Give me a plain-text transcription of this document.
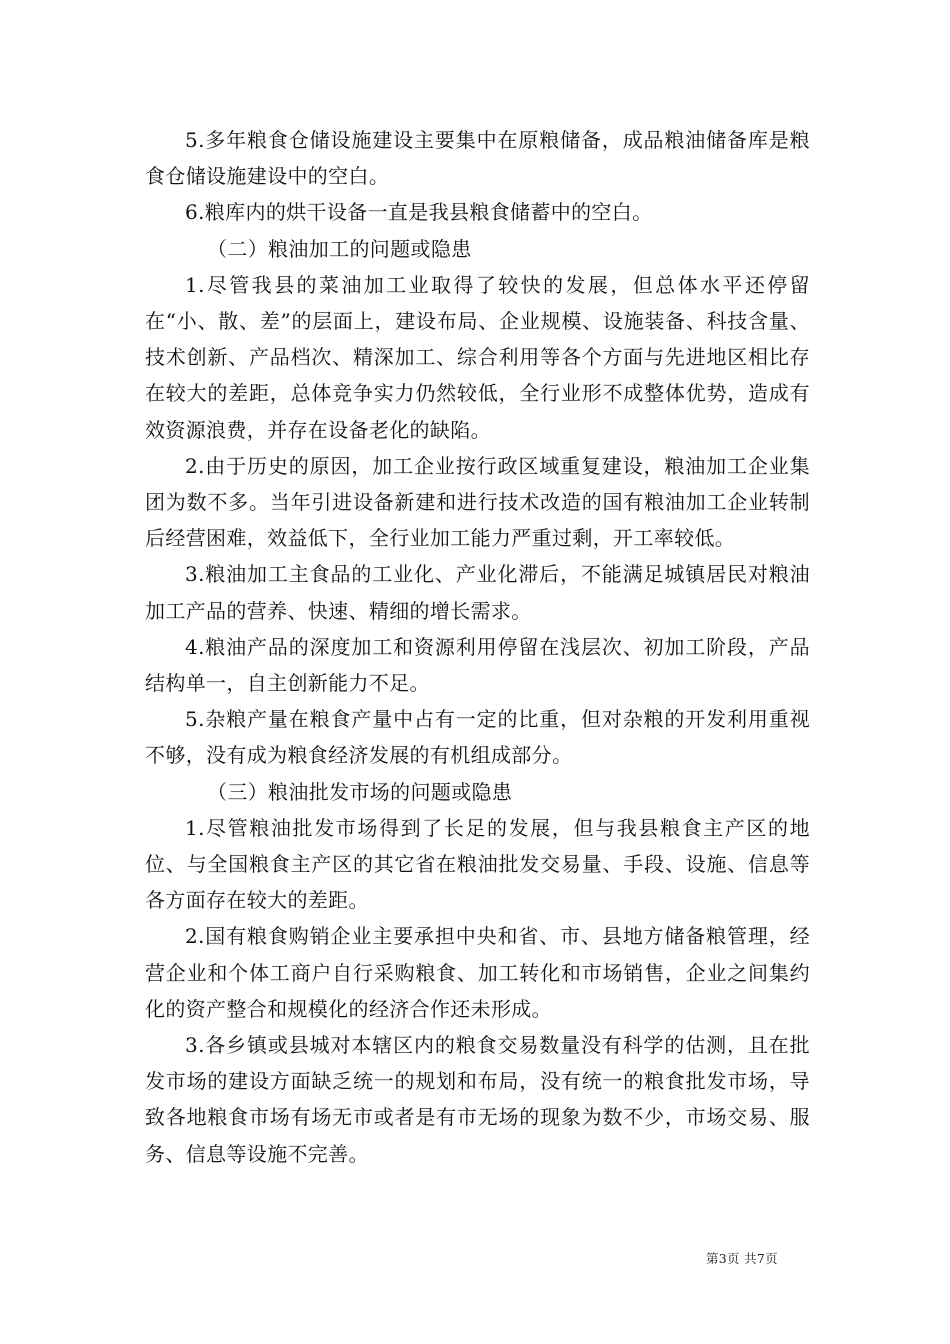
5.多年粮食仓储设施建设主要集中在原粮储备，成品粮油储备库是粮食仓储设施建设中的空白。

6.粮库内的烘干设备一直是我县粮食储蓄中的空白。

（二）粮油加工的问题或隐患

1.尽管我县的菜油加工业取得了较快的发展，但总体水平还停留在“小、散、差”的层面上，建设布局、企业规模、设施装备、科技含量、技术创新、产品档次、精深加工、综合利用等各个方面与先进地区相比存在较大的差距，总体竞争实力仍然较低，全行业形不成整体优势，造成有效资源浪费，并存在设备老化的缺陷。

2.由于历史的原因，加工企业按行政区域重复建设，粮油加工企业集团为数不多。当年引进设备新建和进行技术改造的国有粮油加工企业转制后经营困难，效益低下，全行业加工能力严重过剩，开工率较低。

3.粮油加工主食品的工业化、产业化滞后，不能满足城镇居民对粮油加工产品的营养、快速、精细的增长需求。

4.粮油产品的深度加工和资源利用停留在浅层次、初加工阶段，产品结构单一，自主创新能力不足。

5.杂粮产量在粮食产量中占有一定的比重，但对杂粮的开发利用重视不够，没有成为粮食经济发展的有机组成部分。

（三）粮油批发市场的问题或隐患

1.尽管粮油批发市场得到了长足的发展，但与我县粮食主产区的地位、与全国粮食主产区的其它省在粮油批发交易量、手段、设施、信息等各方面存在较大的差距。

2.国有粮食购销企业主要承担中央和省、市、县地方储备粮管理，经营企业和个体工商户自行采购粮食、加工转化和市场销售，企业之间集约化的资产整合和规模化的经济合作还未形成。

3.各乡镇或县城对本辖区内的粮食交易数量没有科学的估测，且在批发市场的建设方面缺乏统一的规划和布局，没有统一的粮食批发市场，导致各地粮食市场有场无市或者是有市无场的现象为数不少，市场交易、服务、信息等设施不完善。

第3页 共7页
